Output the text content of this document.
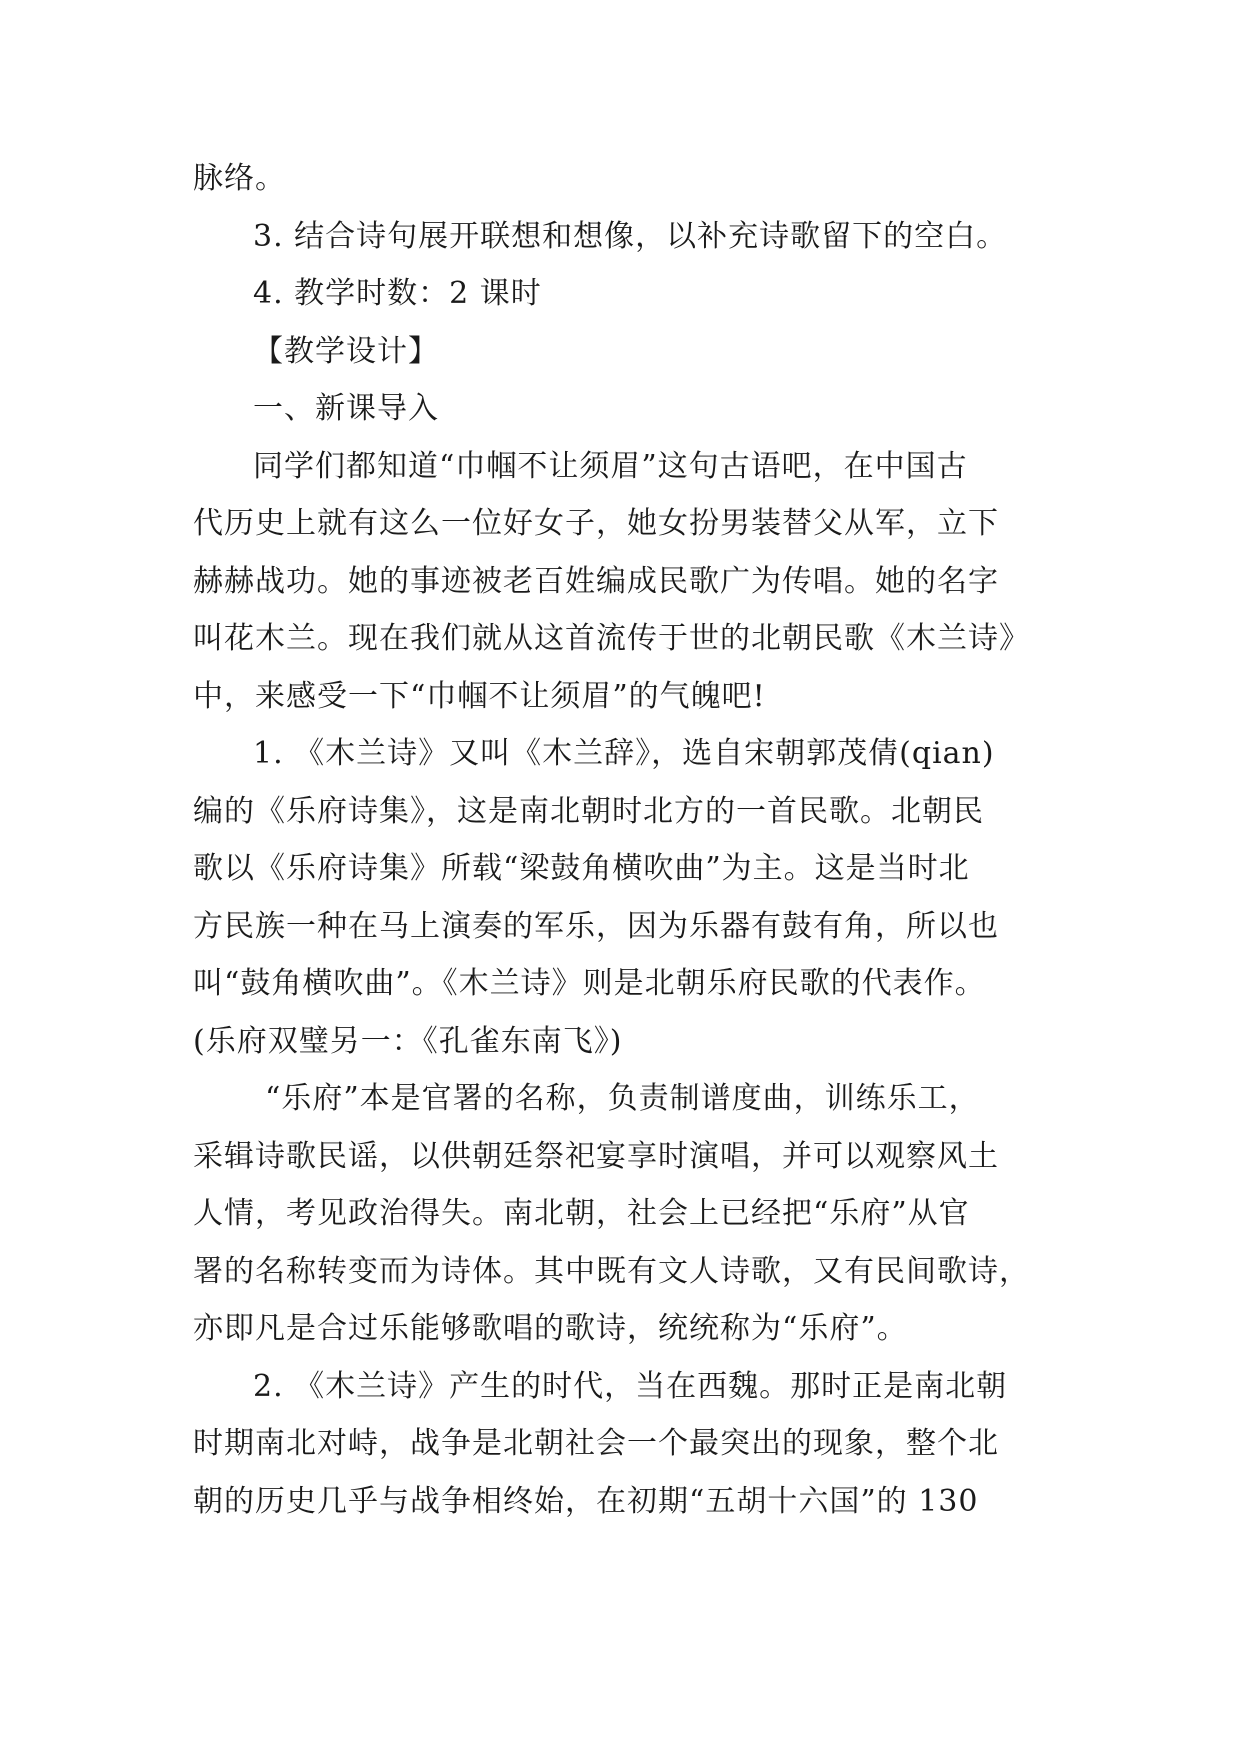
脉络。
3. 结合诗句展开联想和想像，以补充诗歌留下的空白。
4. 教学时数：2 课时
【教学设计】
一、新课导入
同学们都知道“巾帼不让须眉”这句古语吧，在中国古
代历史上就有这么一位好女子，她女扮男装替父从军，立下
赫赫战功。她的事迹被老百姓编成民歌广为传唱。她的名字
叫花木兰。现在我们就从这首流传于世的北朝民歌《木兰诗》
中，来感受一下“巾帼不让须眉”的气魄吧!
1. 《木兰诗》又叫《木兰辞》，选自宋朝郭茂倩(qian)
编的《乐府诗集》，这是南北朝时北方的一首民歌。北朝民
歌以《乐府诗集》所载“梁鼓角横吹曲”为主。这是当时北
方民族一种在马上演奏的军乐，因为乐器有鼓有角，所以也
叫“鼓角横吹曲”。《木兰诗》则是北朝乐府民歌的代表作。
(乐府双璧另一：《孔雀东南飞》)
“乐府”本是官署的名称，负责制谱度曲，训练乐工，
采辑诗歌民谣，以供朝廷祭祀宴享时演唱，并可以观察风土
人情，考见政治得失。南北朝，社会上已经把“乐府”从官
署的名称转变而为诗体。其中既有文人诗歌，又有民间歌诗，
亦即凡是合过乐能够歌唱的歌诗，统统称为“乐府”。
2. 《木兰诗》产生的时代，当在西魏。那时正是南北朝
时期南北对峙，战争是北朝社会一个最突出的现象，整个北
朝的历史几乎与战争相终始，在初期“五胡十六国”的 130
